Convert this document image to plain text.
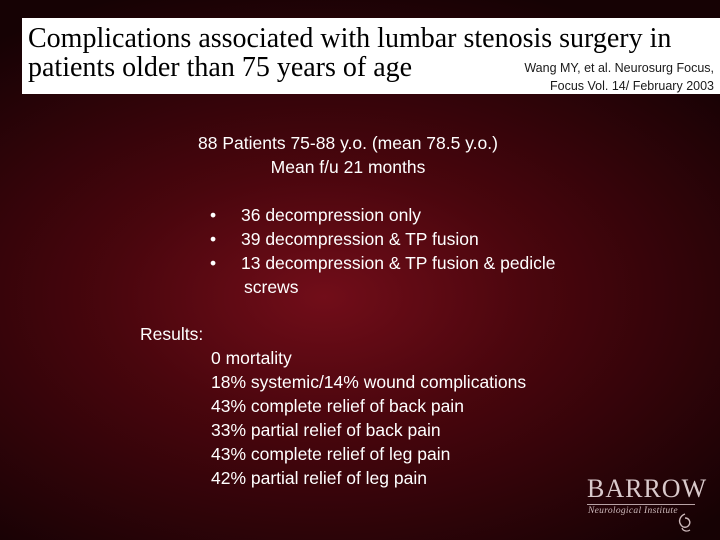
Complications associated with lumbar stenosis surgery in
patients older than 75 years of age	Wang MY, et al. Neurosurg Focus,
Focus Vol. 14/ February 2003
88 Patients 75-88 y.o. (mean 78.5 y.o.)
Mean f/u 21 months
• 36 decompression only
• 39 decompression & TP fusion
• 13 decompression & TP fusion & pedicle
screws
Results:
0 mortality
18% systemic/14% wound complications
43% complete relief of back pain
33% partial relief of back pain
43% complete relief of leg pain
42% partial relief of leg pain	BARROW
Neurological Institute
